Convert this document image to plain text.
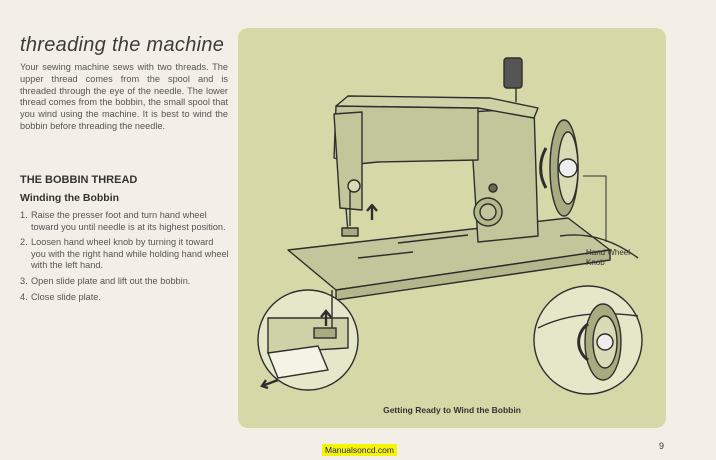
threading the machine

Your sewing machine sews with two threads. The upper thread comes from the spool and is threaded through the eye of the needle. The lower thread comes from the bobbin, the small spool that you wind using the machine. It is best to wind the bobbin before threading the needle.

THE BOBBIN THREAD
Winding the Bobbin
1. Raise the presser foot and turn hand wheel toward you until needle is at its highest position.
2. Loosen hand wheel knob by turning it toward you with the right hand while holding hand wheel with the left hand.
3. Open slide plate and lift out the bobbin.
4. Close slide plate.
Hand Wheel
Knob
Getting Ready to Wind the Bobbin
Manualsoncd.com	9
